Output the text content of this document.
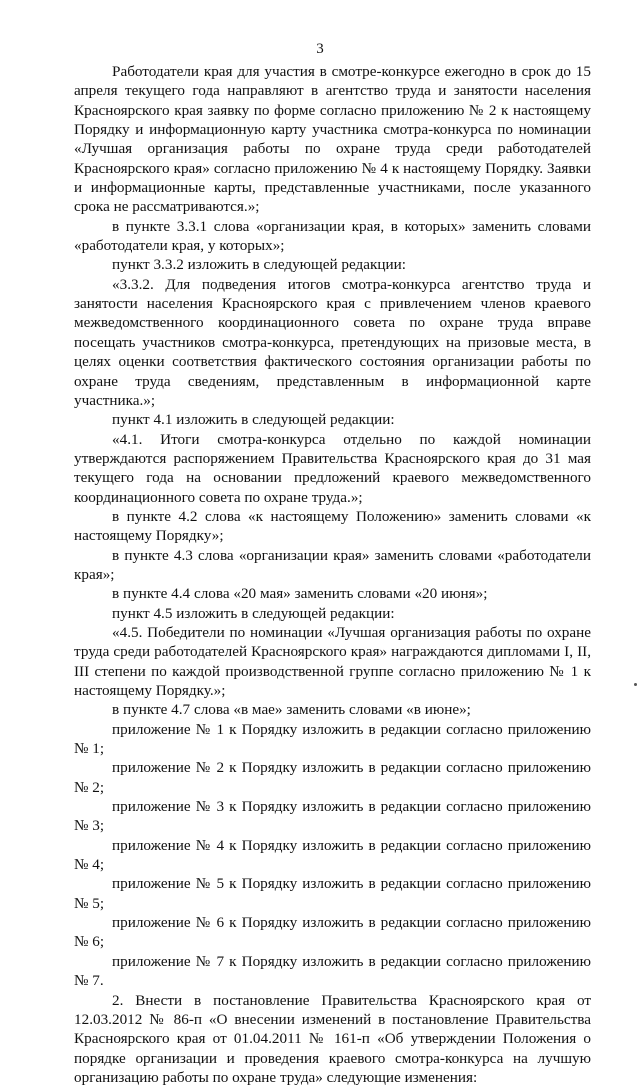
3

Работодатели края для участия в смотре-конкурсе ежегодно в срок до 15 апреля текущего года направляют в агентство труда и занятости населения Красноярского края заявку по форме согласно приложению № 2 к настоящему Порядку и информационную карту участника смотра-конкурса по номинации «Лучшая организация работы по охране труда среди работодателей Красноярского края» согласно приложению № 4 к настоящему Порядку. Заявки и информационные карты, представленные участниками, после указанного срока не рассматриваются.»;

в пункте 3.3.1 слова «организации края, в которых» заменить словами «работодатели края, у которых»;

пункт 3.3.2 изложить в следующей редакции:

«3.3.2. Для подведения итогов смотра-конкурса агентство труда и занятости населения Красноярского края с привлечением членов краевого межведомственного координационного совета по охране труда вправе посещать участников смотра-конкурса, претендующих на призовые места, в целях оценки соответствия фактического состояния организации работы по охране труда сведениям, представленным в информационной карте участника.»;

пункт 4.1 изложить в следующей редакции:

«4.1. Итоги смотра-конкурса отдельно по каждой номинации утверждаются распоряжением Правительства Красноярского края до 31 мая текущего года на основании предложений краевого межведомственного координационного совета по охране труда.»;

в пункте 4.2 слова «к настоящему Положению» заменить словами «к настоящему Порядку»;

в пункте 4.3 слова «организации края» заменить словами «работодатели края»;

в пункте 4.4 слова «20 мая» заменить словами «20 июня»;

пункт 4.5 изложить в следующей редакции:

«4.5. Победители по номинации «Лучшая организация работы по охране труда среди работодателей Красноярского края» награждаются дипломами I, II, III степени по каждой производственной группе согласно приложению № 1 к настоящему Порядку.»;

в пункте 4.7 слова «в мае» заменить словами «в июне»;

приложение № 1 к Порядку изложить в редакции согласно приложению № 1;

приложение № 2 к Порядку изложить в редакции согласно приложению № 2;

приложение № 3 к Порядку изложить в редакции согласно приложению № 3;

приложение № 4 к Порядку изложить в редакции согласно приложению № 4;

приложение № 5 к Порядку изложить в редакции согласно приложению № 5;

приложение № 6 к Порядку изложить в редакции согласно приложению № 6;

приложение № 7 к Порядку изложить в редакции согласно приложению № 7.

2. Внести в постановление Правительства Красноярского края от 12.03.2012 № 86-п «О внесении изменений в постановление Правительства Красноярского края от 01.04.2011 № 161-п «Об утверждении Положения о порядке организации и проведения краевого смотра-конкурса на лучшую организацию работы по охране труда» следующие изменения:
